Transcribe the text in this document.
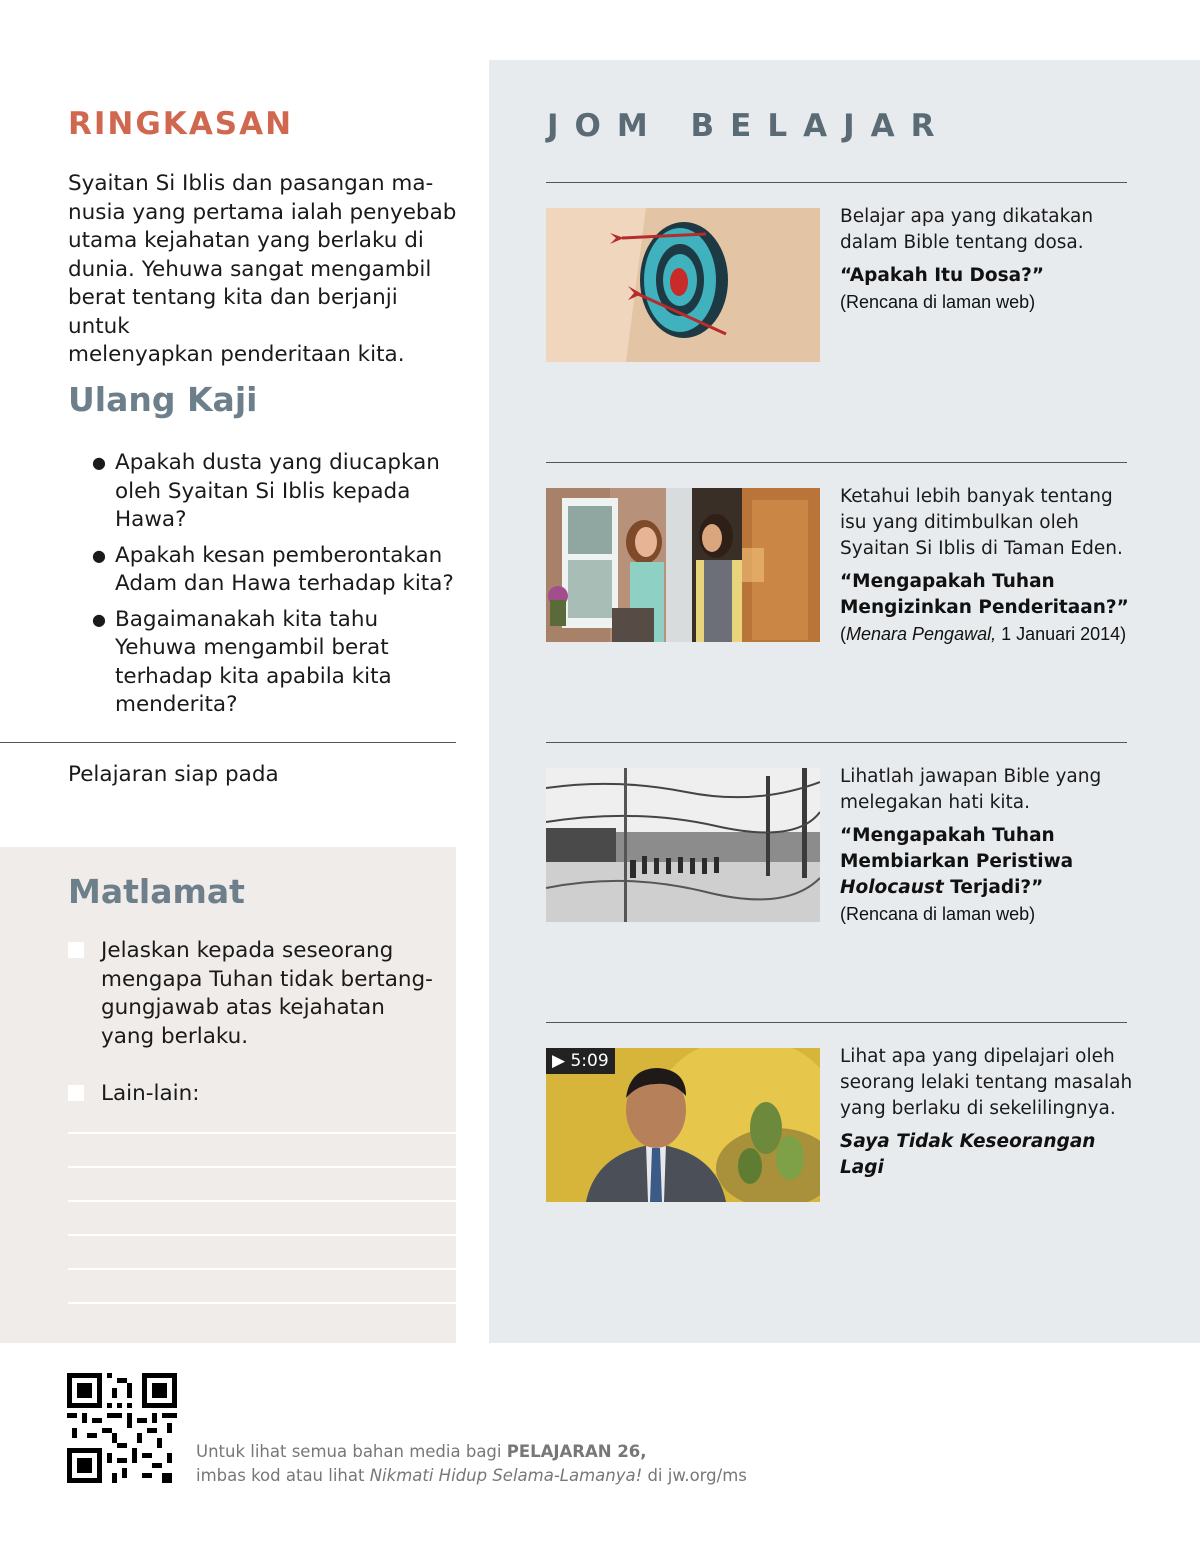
RINGKASAN
Syaitan Si Iblis dan pasangan ma-
nusia yang pertama ialah penyebab
utama kejahatan yang berlaku di
dunia. Yehuwa sangat mengambil
berat tentang kita dan berjanji untuk
melenyapkan penderitaan kita.
Ulang Kaji
● Apakah dusta yang diucapkan oleh Syaitan Si Iblis kepada Hawa?
● Apakah kesan pemberontakan Adam dan Hawa terhadap kita?
● Bagaimanakah kita tahu Yehuwa mengambil berat terhadap kita apabila kita menderita?
Pelajaran siap pada
Matlamat
Jelaskan kepada seseorang
mengapa Tuhan tidak bertang-
gungjawab atas kejahatan
yang berlaku.
Lain-lain:
JOM BELAJAR
Belajar apa yang dikatakan dalam Bible tentang dosa.
“Apakah Itu Dosa?”
(Rencana di laman web)
Ketahui lebih banyak tentang isu yang ditimbulkan oleh Syaitan Si Iblis di Taman Eden.
“Mengapakah Tuhan Mengizinkan Penderitaan?”
(Menara Pengawal, 1 Januari 2014)
Lihatlah jawapan Bible yang melegakan hati kita.
“Mengapakah Tuhan
Membiarkan Peristiwa
Holocaust Terjadi?”
(Rencana di laman web)
▶ 5:09	Lihat apa yang dipelajari oleh seorang lelaki tentang masalah yang berlaku di sekelilingnya.
Saya Tidak Keseorangan Lagi
Untuk lihat semua bahan media bagi PELAJARAN 26,
imbas kod atau lihat Nikmati Hidup Selama-Lamanya! di jw.org/ms
